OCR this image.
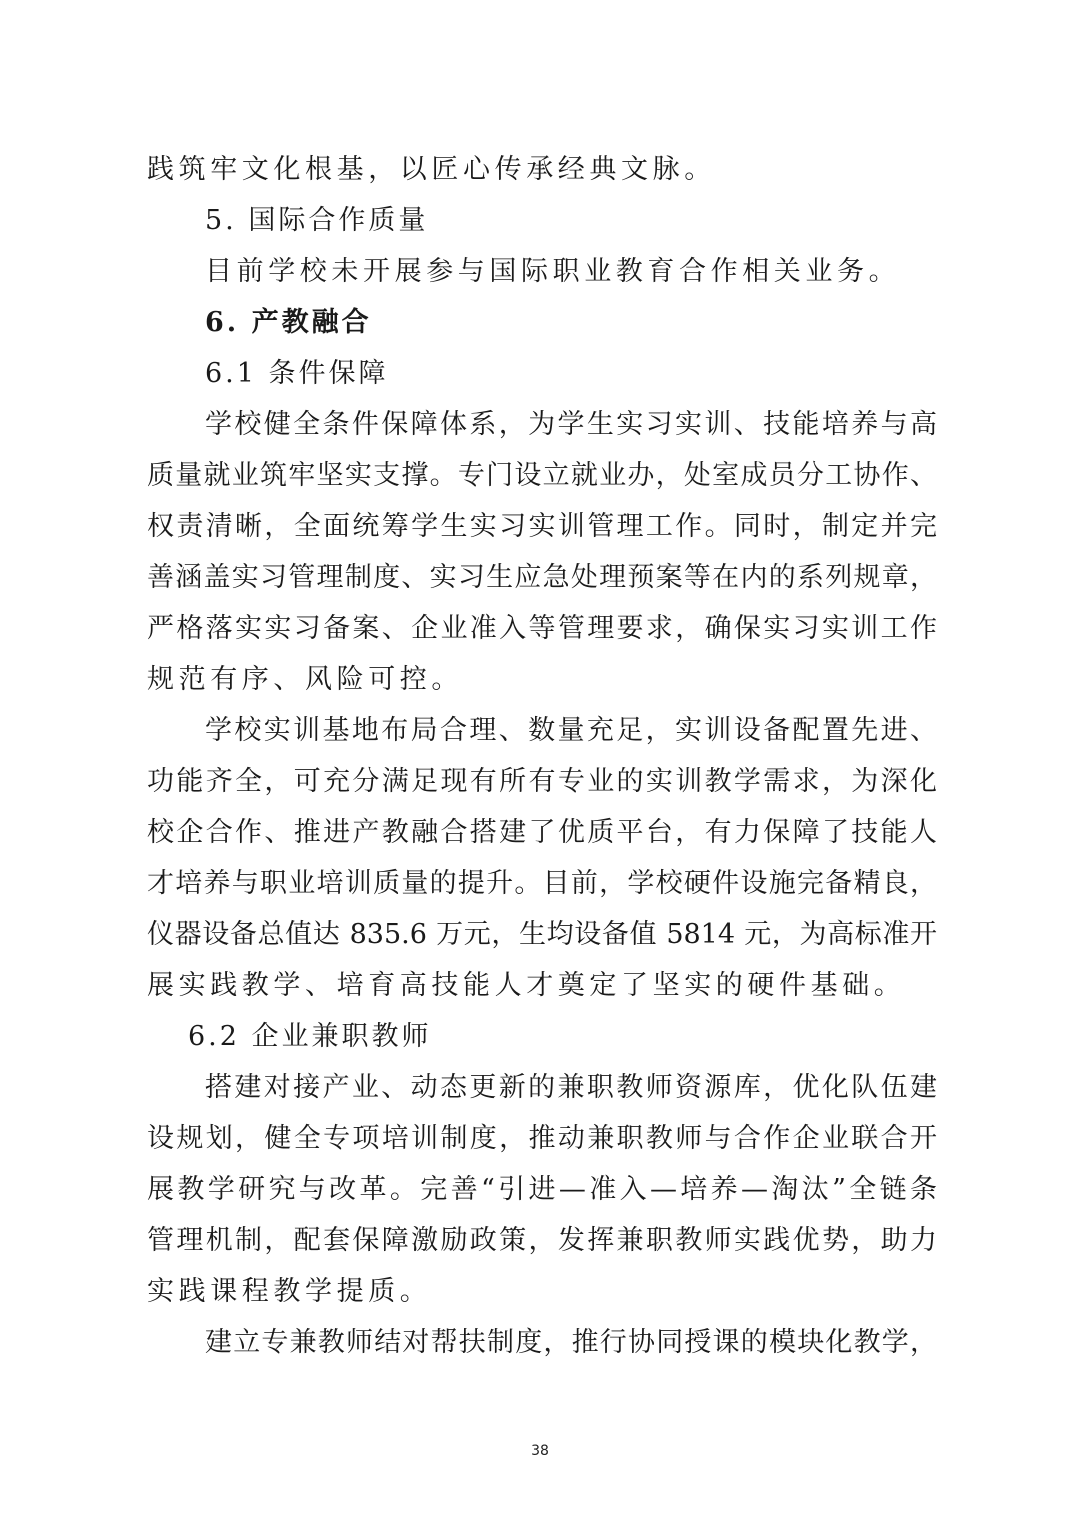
践筑牢文化根基，以匠心传承经典文脉。
5. 国际合作质量
目前学校未开展参与国际职业教育合作相关业务。
6. 产教融合
6.1 条件保障
学校健全条件保障体系，为学生实习实训、技能培养与高
质量就业筑牢坚实支撑。专门设立就业办，处室成员分工协作、
权责清晰，全面统筹学生实习实训管理工作。同时，制定并完
善涵盖实习管理制度、实习生应急处理预案等在内的系列规章，
严格落实实习备案、企业准入等管理要求，确保实习实训工作
规范有序、风险可控。
学校实训基地布局合理、数量充足，实训设备配置先进、
功能齐全，可充分满足现有所有专业的实训教学需求，为深化
校企合作、推进产教融合搭建了优质平台，有力保障了技能人
才培养与职业培训质量的提升。目前，学校硬件设施完备精良，
仪器设备总值达 835.6 万元，生均设备值 5814 元，为高标准开
展实践教学、培育高技能人才奠定了坚实的硬件基础。
6.2 企业兼职教师
搭建对接产业、动态更新的兼职教师资源库，优化队伍建
设规划，健全专项培训制度，推动兼职教师与合作企业联合开
展教学研究与改革。完善“引进—准入—培养—淘汰”全链条
管理机制，配套保障激励政策，发挥兼职教师实践优势，助力
实践课程教学提质。
建立专兼教师结对帮扶制度，推行协同授课的模块化教学，
38
